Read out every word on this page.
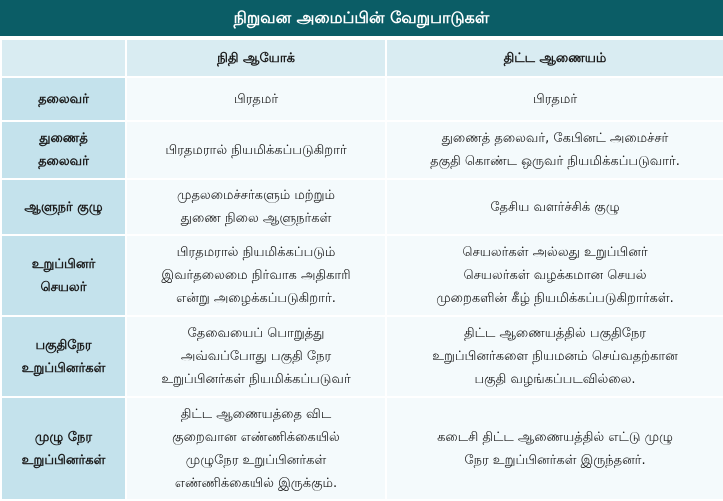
நிறுவன அமைப்பின் வேறுபாடுகள்
	நிதி ஆயோக்	திட்ட ஆணையம்

தலைவர்	பிரதமர்	பிரதமர்

துணைத்
தலைவர்	பிரதமரால் நியமிக்கப்படுகிறார்	துணைத் தலைவர், கேபினட் அமைச்சர்
தகுதி கொண்ட ஒருவர் நியமிக்கப்படுவார்.

ஆளுநர் குழு	முதலமைச்சர்களும் மற்றும்
துணை நிலை ஆளுநர்கள்	தேசிய வளர்ச்சிக் குழு

உறுப்பினர்
செயலர்	பிரதமரால் நியமிக்கப்படும்
இவர்தலைமை நிர்வாக அதிகாரி
என்று அழைக்கப்படுகிறார்.	செயலர்கள் அல்லது உறுப்பினர்
செயலர்கள் வழக்கமான செயல்
முறைகளின் கீழ் நியமிக்கப்படுகிறார்கள்.

பகுதிநேர
உறுப்பினர்கள்	தேவையைப் பொறுத்து
அவ்வப்போது பகுதி நேர
உறுப்பினர்கள் நியமிக்கப்படுவர்	திட்ட ஆணையத்தில் பகுதிநேர
உறுப்பினர்களை நியமனம் செய்வதற்கான
பகுதி வழங்கப்படவில்லை.

முழு நேர
உறுப்பினர்கள்	திட்ட ஆணையத்தை விட
குறைவான எண்ணிக்கையில்
முழுநேர உறுப்பினர்கள்
எண்ணிக்கையில் இருக்கும்.	கடைசி திட்ட ஆணையத்தில் எட்டு முழு
நேர உறுப்பினர்கள் இருந்தனர்.
